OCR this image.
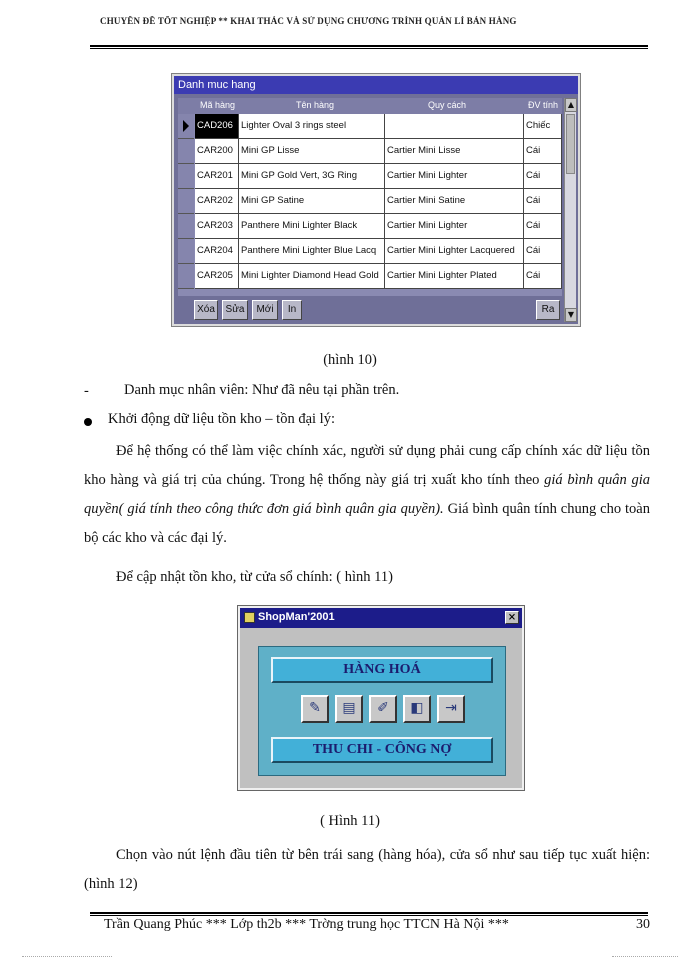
CHUYÊN ĐỀ TỐT NGHIỆP ** KHAI THÁC VÀ SỬ DỤNG CHƯƠNG TRÌNH QUẢN LÍ BÁN HÀNG
Danh muc hang
Mã hàng	Tên hàng	Quy cách	ĐV tính
CAD206 Lighter Oval 3 rings steel	Chiếc
CAR200 Mini GP Lisse	Cartier Mini Lisse	Cái
CAR201 Mini GP Gold Vert, 3G Ring	Cartier Mini Lighter	Cái
CAR202 Mini GP Satine	Cartier Mini Satine	Cái
CAR203 Panthere Mini Lighter Black	Cartier Mini Lighter	Cái
CAR204 Panthere Mini Lighter Blue Lacq	Cartier Mini Lighter Lacquered	Cái
CAR205 Mini Lighter Diamond Head Gold Cartier Mini Lighter Plated	Cái
▲
▼
Xóa	Sửa	Mới	In	Ra
(hình 10)
- Danh mục nhân viên: Như đã nêu tại phần trên.
Khởi động dữ liệu tồn kho – tồn đại lý:
Để hệ thống có thể làm việc chính xác, người sử dụng phải cung cấp chính xác dữ liệu tồn kho hàng và giá trị của chúng. Trong hệ thống này giá trị xuất kho tính theo giá bình quân gia quyền( giá tính theo công thức đơn giá bình quân gia quyền). Giá bình quân tính chung cho toàn bộ các kho và các đại lý.
Để cập nhật tồn kho, từ cửa sổ chính: ( hình 11)
ShopMan'2001	×
HÀNG HOÁ
✎	▤	✐	◧	⇥
THU CHI - CÔNG NỢ
( Hình 11)
Chọn vào nút lệnh đầu tiên từ bên trái sang (hàng hóa), cửa sổ như sau tiếp tục xuất hiện: (hình 12)
Trần Quang Phúc *** Lớp th2b *** Trờng trung học TTCN Hà Nội ***	30
